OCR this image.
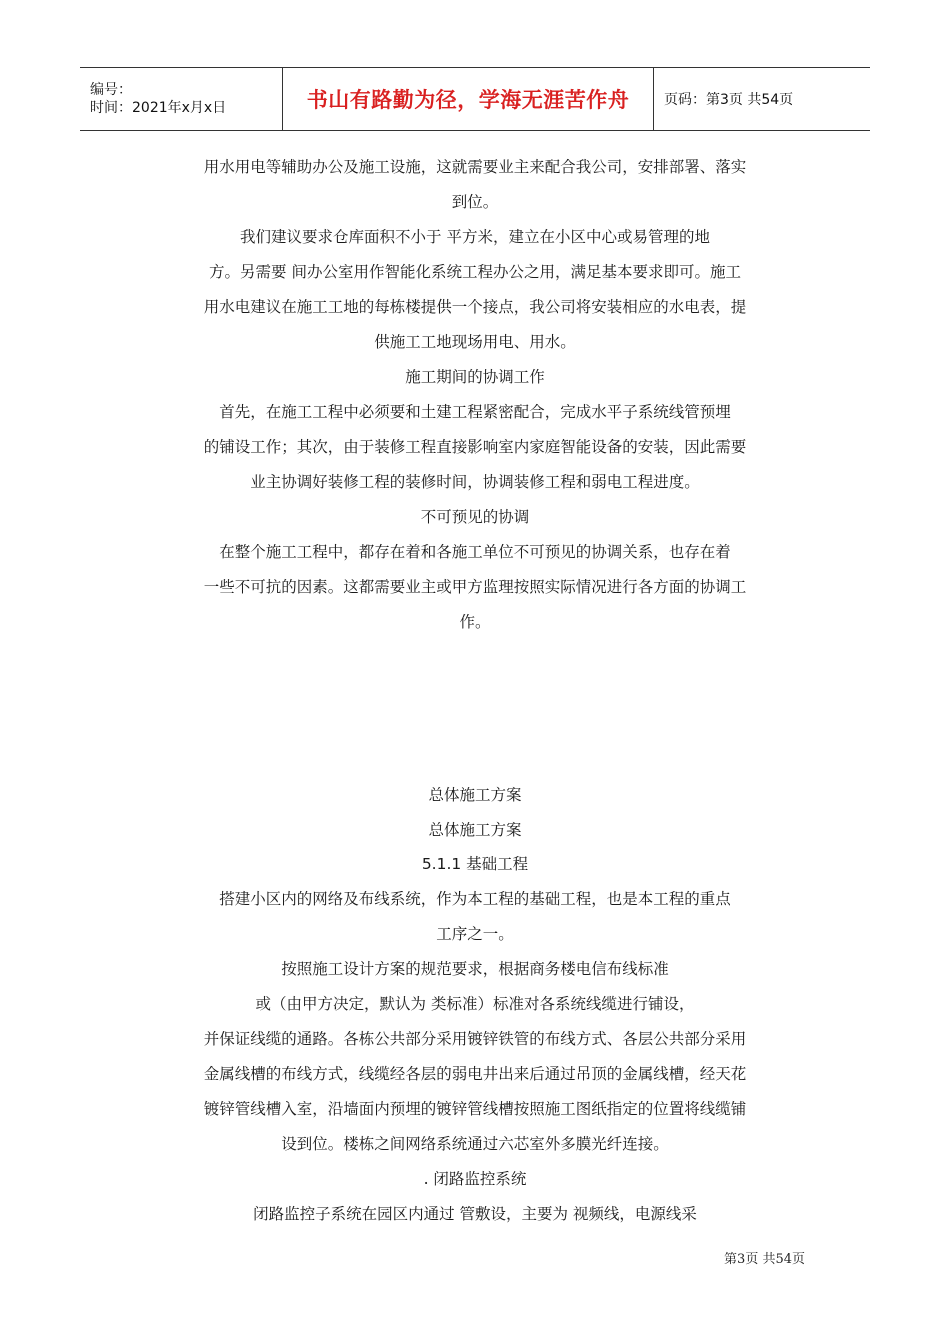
编号：
时间：2021年x月x日	书山有路勤为径，学海无涯苦作舟	页码：第3页 共54页
用水用电等辅助办公及施工设施，这就需要业主来配合我公司，安排部署、落实
到位。
我们建议要求仓库面积不小于 平方米，建立在小区中心或易管理的地
方。另需要 间办公室用作智能化系统工程办公之用，满足基本要求即可。施工
用水电建议在施工工地的每栋楼提供一个接点，我公司将安装相应的水电表，提
供施工工地现场用电、用水。
施工期间的协调工作
首先，在施工工程中必须要和土建工程紧密配合，完成水平子系统线管预埋
的铺设工作；其次，由于装修工程直接影响室内家庭智能设备的安装，因此需要
业主协调好装修工程的装修时间，协调装修工程和弱电工程进度。
不可预见的协调
在整个施工工程中，都存在着和各施工单位不可预见的协调关系，也存在着
一些不可抗的因素。这都需要业主或甲方监理按照实际情况进行各方面的协调工
作。
总体施工方案
总体施工方案
5.1.1 基础工程
搭建小区内的网络及布线系统，作为本工程的基础工程，也是本工程的重点
工序之一。
按照施工设计方案的规范要求，根据商务楼电信布线标准
或（由甲方决定，默认为 类标准）标准对各系统线缆进行铺设，
并保证线缆的通路。各栋公共部分采用镀锌铁管的布线方式、各层公共部分采用
金属线槽的布线方式，线缆经各层的弱电井出来后通过吊顶的金属线槽，经天花
镀锌管线槽入室，沿墙面内预埋的镀锌管线槽按照施工图纸指定的位置将线缆铺
设到位。楼栋之间网络系统通过六芯室外多膜光纤连接。
. 闭路监控系统
闭路监控子系统在园区内通过 管敷设，主要为 视频线，电源线采
第3页 共54页
